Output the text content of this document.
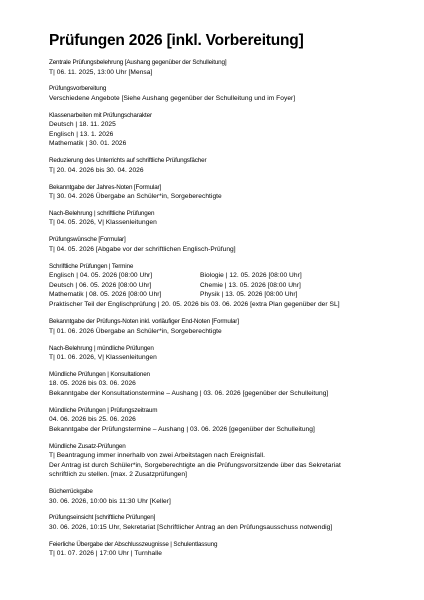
Prüfungen 2026 [inkl. Vorbereitung]
Zentrale Prüfungsbelehrung [Aushang gegenüber der Schulleitung]
T| 06. 11. 2025, 13:00 Uhr [Mensa]
Prüfungsvorbereitung
Verschiedene Angebote [Siehe Aushang gegenüber der Schulleitung und im Foyer]
Klassenarbeiten mit Prüfungscharakter
Deutsch | 18. 11. 2025
Englisch | 13. 1. 2026
Mathematik | 30. 01. 2026
Reduzierung des Unterrichts auf schriftliche Prüfungsfächer
T| 20. 04. 2026 bis 30. 04. 2026
Bekanntgabe der Jahres-Noten [Formular]
T| 30. 04. 2026 Übergabe an Schüler*in, Sorgeberechtigte
Nach-Belehrung | schriftliche Prüfungen
T| 04. 05. 2026, V| Klassenleitungen
Prüfungswünsche [Formular]
T| 04. 05. 2026 [Abgabe vor der schriftlichen Englisch-Prüfung]
Schriftliche Prüfungen | Termine
Englisch | 04. 05. 2026 [08:00 Uhr]
Deutsch | 06. 05. 2026 [08:00 Uhr]
Mathematik | 08. 05. 2026 [08:00 Uhr]
Biologie | 12. 05. 2026 [08:00 Uhr]
Chemie | 13. 05. 2026 [08:00 Uhr]
Physik | 13. 05. 2026 [08:00 Uhr]
Praktischer Teil der Englischprüfung | 20. 05. 2026 bis 03. 06. 2026 [extra Plan gegenüber der SL]
Bekanntgabe der Prüfungs-Noten inkl. vorläufiger End-Noten [Formular]
T| 01. 06. 2026 Übergabe an Schüler*in, Sorgeberechtigte
Nach-Belehrung | mündliche Prüfungen
T| 01. 06. 2026, V| Klassenleitungen
Mündliche Prüfungen | Konsultationen
18. 05. 2026 bis 03. 06. 2026
Bekanntgabe der Konsultationstermine – Aushang | 03. 06. 2026 [gegenüber der Schulleitung]
Mündliche Prüfungen | Prüfungszeitraum
04. 06. 2026 bis 25. 06. 2026
Bekanntgabe der Prüfungstermine – Aushang | 03. 06. 2026 [gegenüber der Schulleitung]
Mündliche Zusatz-Prüfungen
T| Beantragung immer innerhalb von zwei Arbeitstagen nach Ereignisfall.
Der Antrag ist durch Schüler*in, Sorgeberechtigte an die Prüfungsvorsitzende über das Sekretariat schriftlich zu stellen. [max. 2 Zusatzprüfungen]
Bücherrückgabe
30. 06. 2026, 10:00 bis 11:30 Uhr [Keller]
Prüfungseinsicht [schriftliche Prüfungen]
30. 06. 2026, 10:15 Uhr, Sekretariat [Schriftlicher Antrag an den Prüfungsausschuss notwendig]
Feierliche Übergabe der Abschlusszeugnisse | Schulentlassung
T| 01. 07. 2026 | 17:00 Uhr | Turnhalle
